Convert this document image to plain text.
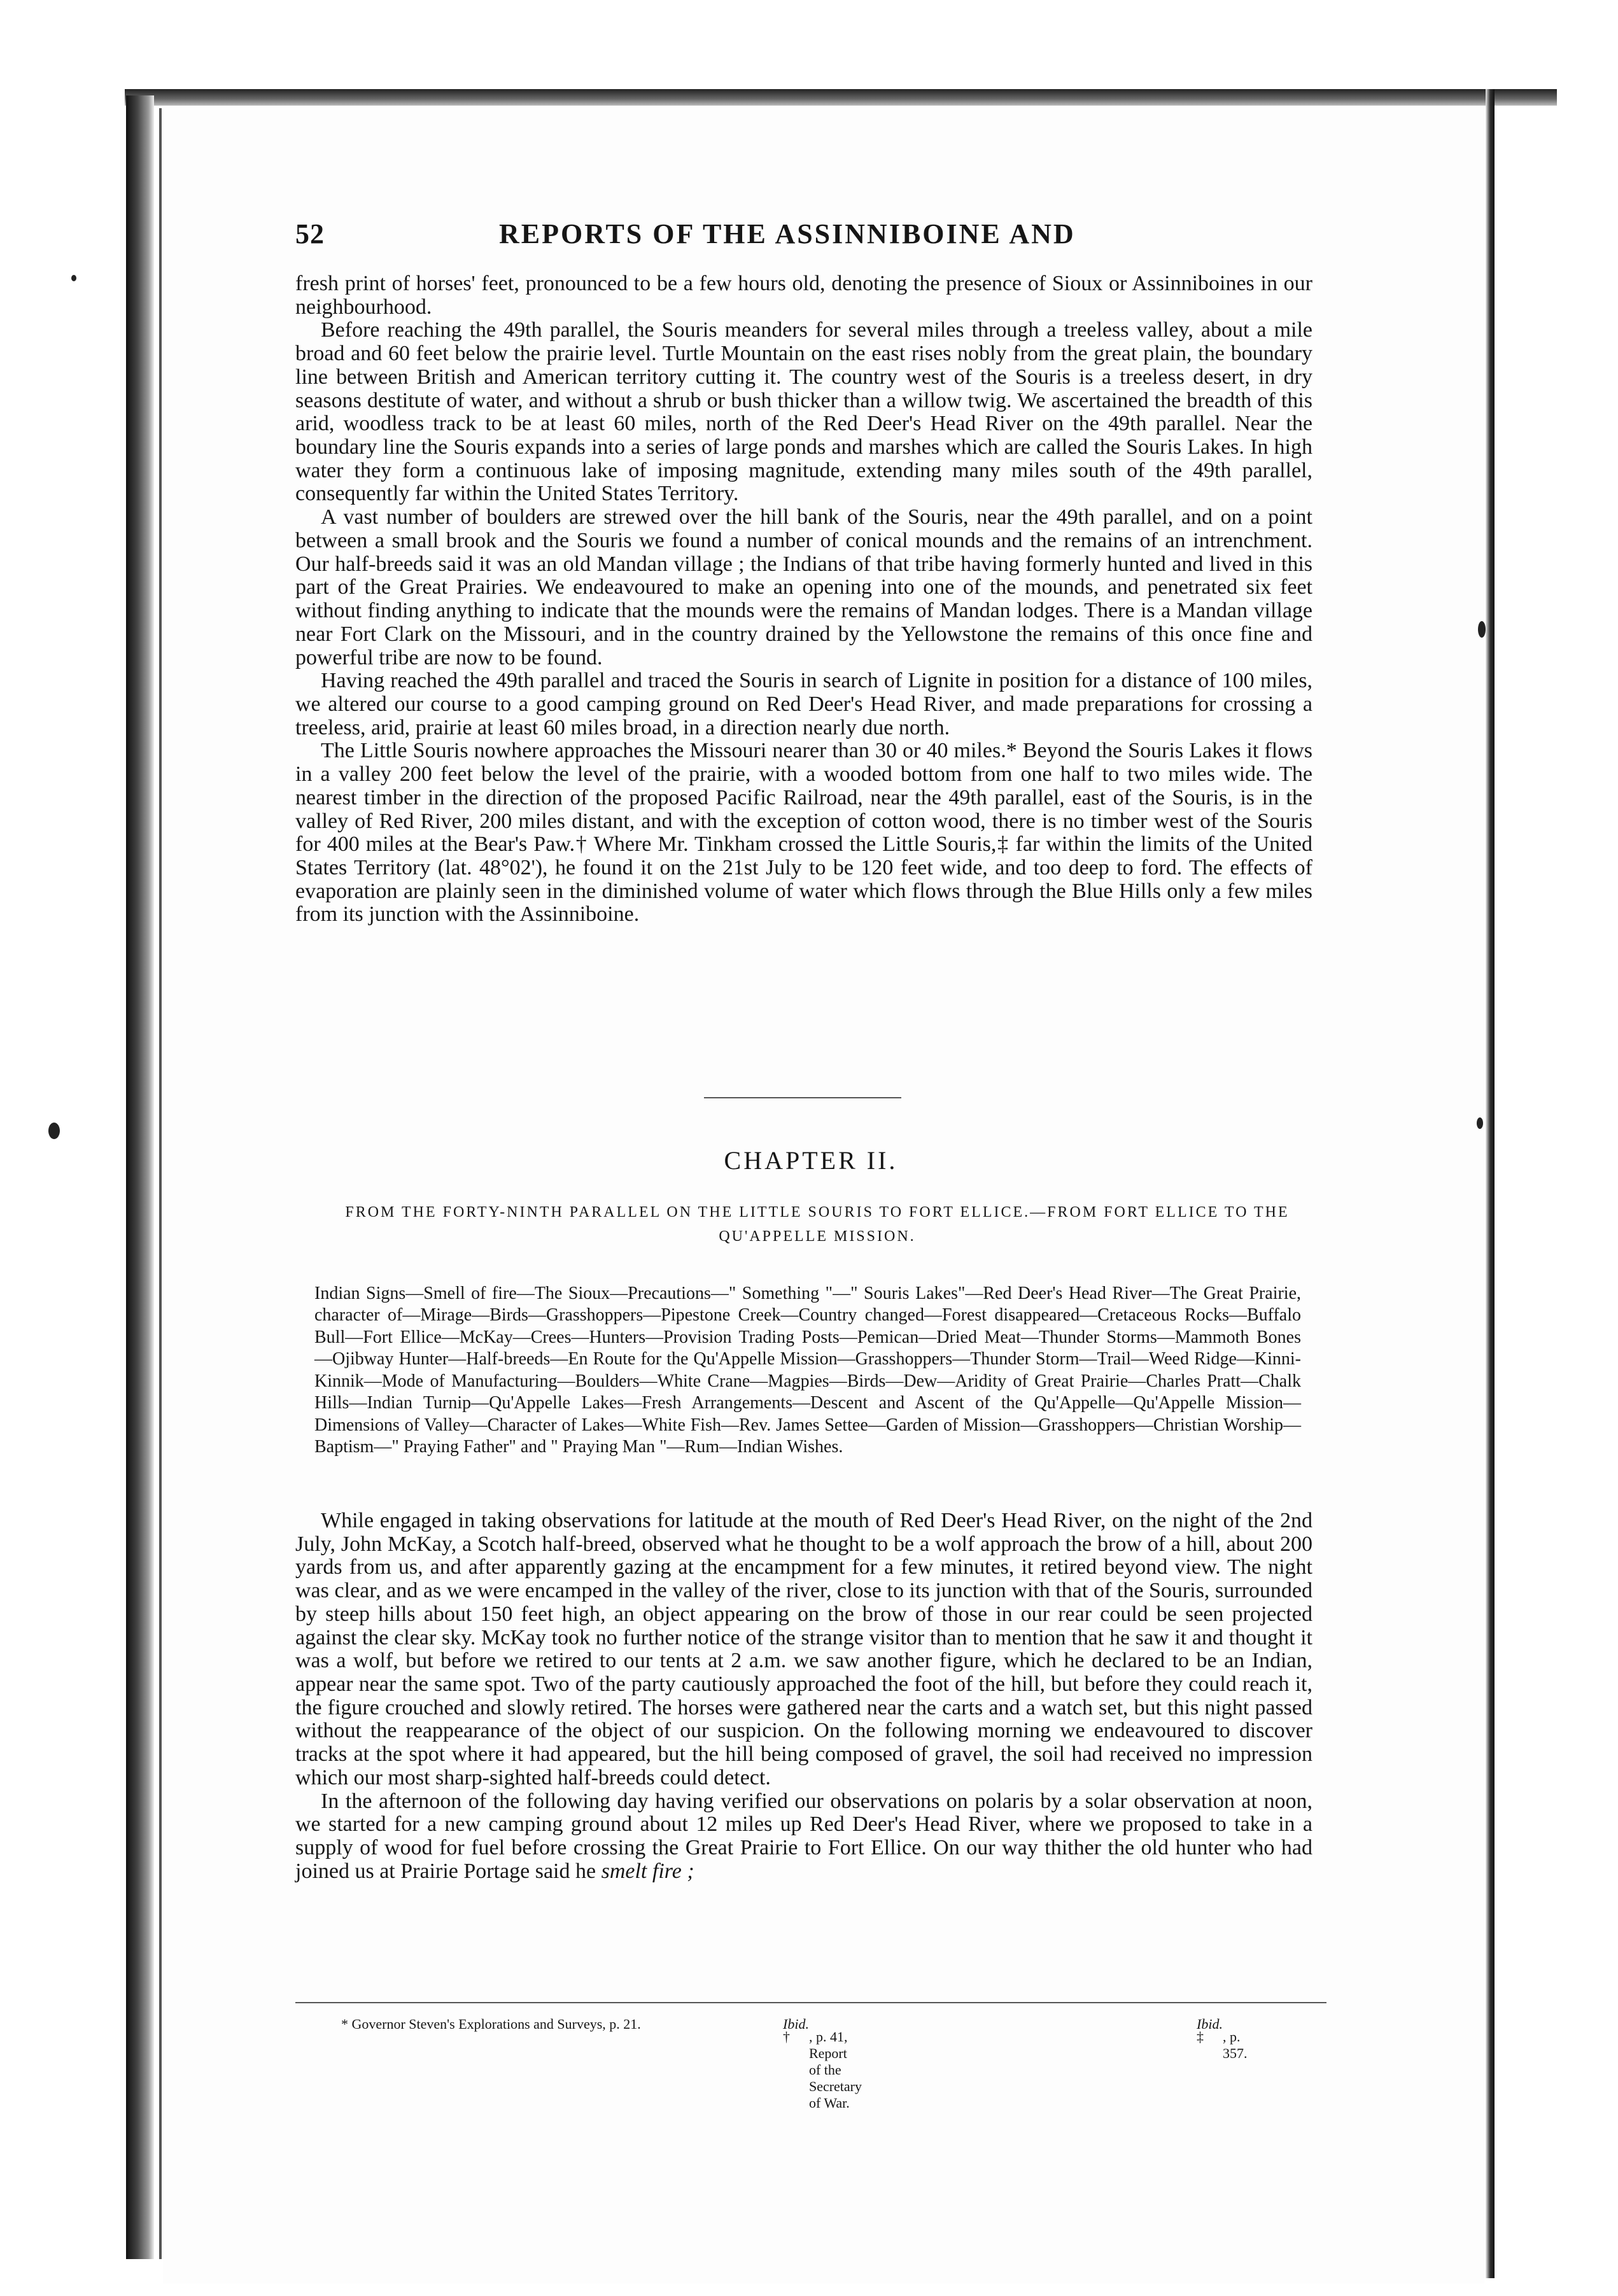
52	REPORTS OF THE ASSINNIBOINE AND

fresh print of horses' feet, pronounced to be a few hours old, denoting the presence of Sioux or Assinniboines in our neighbourhood.

Before reaching the 49th parallel, the Souris meanders for several miles through a treeless valley, about a mile broad and 60 feet below the prairie level. Turtle Mountain on the east rises nobly from the great plain, the boundary line between British and American territory cutting it. The country west of the Souris is a treeless desert, in dry seasons destitute of water, and without a shrub or bush thicker than a willow twig. We ascertained the breadth of this arid, woodless track to be at least 60 miles, north of the Red Deer's Head River on the 49th parallel. Near the boundary line the Souris expands into a series of large ponds and marshes which are called the Souris Lakes. In high water they form a continuous lake of imposing magnitude, extending many miles south of the 49th parallel, consequently far within the United States Territory.

A vast number of boulders are strewed over the hill bank of the Souris, near the 49th parallel, and on a point between a small brook and the Souris we found a number of conical mounds and the remains of an intrenchment. Our half-breeds said it was an old Mandan village ; the Indians of that tribe having formerly hunted and lived in this part of the Great Prairies. We endeavoured to make an opening into one of the mounds, and penetrated six feet without finding anything to indicate that the mounds were the remains of Mandan lodges. There is a Mandan village near Fort Clark on the Missouri, and in the country drained by the Yellowstone the remains of this once fine and powerful tribe are now to be found.

Having reached the 49th parallel and traced the Souris in search of Lignite in position for a distance of 100 miles, we altered our course to a good camping ground on Red Deer's Head River, and made preparations for crossing a treeless, arid, prairie at least 60 miles broad, in a direction nearly due north.

The Little Souris nowhere approaches the Missouri nearer than 30 or 40 miles.* Beyond the Souris Lakes it flows in a valley 200 feet below the level of the prairie, with a wooded bottom from one half to two miles wide. The nearest timber in the direction of the proposed Pacific Railroad, near the 49th parallel, east of the Souris, is in the valley of Red River, 200 miles distant, and with the exception of cotton wood, there is no timber west of the Souris for 400 miles at the Bear's Paw.† Where Mr. Tinkham crossed the Little Souris,‡ far within the limits of the United States Territory (lat. 48°02'), he found it on the 21st July to be 120 feet wide, and too deep to ford. The effects of evaporation are plainly seen in the diminished volume of water which flows through the Blue Hills only a few miles from its junction with the Assinniboine.

CHAPTER II.
FROM THE FORTY-NINTH PARALLEL ON THE LITTLE SOURIS TO FORT ELLICE.—FROM FORT ELLICE TO THE QU'APPELLE MISSION.
Indian Signs—Smell of fire—The Sioux—Precautions—" Something "—" Souris Lakes"—Red Deer's Head River—The Great Prairie, character of—Mirage—Birds—Grasshoppers—Pipestone Creek—Country changed—Forest disappeared—Cretaceous Rocks—Buffalo Bull—Fort Ellice—McKay—Crees—Hunters—Provision Trading Posts—Pemican—Dried Meat—Thunder Storms—Mammoth Bones—Ojibway Hunter—Half-breeds—En Route for the Qu'Appelle Mission—Grasshoppers—Thunder Storm—Trail—Weed Ridge—Kinni-Kinnik—Mode of Manufacturing—Boulders—White Crane—Magpies—Birds—Dew—Aridity of Great Prairie—Charles Pratt—Chalk Hills—Indian Turnip—Qu'Appelle Lakes—Fresh Arrangements—Descent and Ascent of the Qu'Appelle—Qu'Appelle Mission—Dimensions of Valley—Character of Lakes—White Fish—Rev. James Settee—Garden of Mission—Grasshoppers—Christian Worship—Baptism—" Praying Father" and " Praying Man "—Rum—Indian Wishes.

While engaged in taking observations for latitude at the mouth of Red Deer's Head River, on the night of the 2nd July, John McKay, a Scotch half-breed, observed what he thought to be a wolf approach the brow of a hill, about 200 yards from us, and after apparently gazing at the encampment for a few minutes, it retired beyond view. The night was clear, and as we were encamped in the valley of the river, close to its junction with that of the Souris, surrounded by steep hills about 150 feet high, an object appearing on the brow of those in our rear could be seen projected against the clear sky. McKay took no further notice of the strange visitor than to mention that he saw it and thought it was a wolf, but before we retired to our tents at 2 a.m. we saw another figure, which he declared to be an Indian, appear near the same spot. Two of the party cautiously approached the foot of the hill, but before they could reach it, the figure crouched and slowly retired. The horses were gathered near the carts and a watch set, but this night passed without the reappearance of the object of our suspicion. On the following morning we endeavoured to discover tracks at the spot where it had appeared, but the hill being composed of gravel, the soil had received no impression which our most sharp-sighted half-breeds could detect.

In the afternoon of the following day having verified our observations on polaris by a solar observation at noon, we started for a new camping ground about 12 miles up Red Deer's Head River, where we proposed to take in a supply of wood for fuel before crossing the Great Prairie to Fort Ellice. On our way thither the old hunter who had joined us at Prairie Portage said he smelt fire ;

* Governor Steven's Explorations and Surveys, p. 21.
†
Ibid.
, p. 41, Report of the Secretary of War.
‡
Ibid.
, p. 357.
